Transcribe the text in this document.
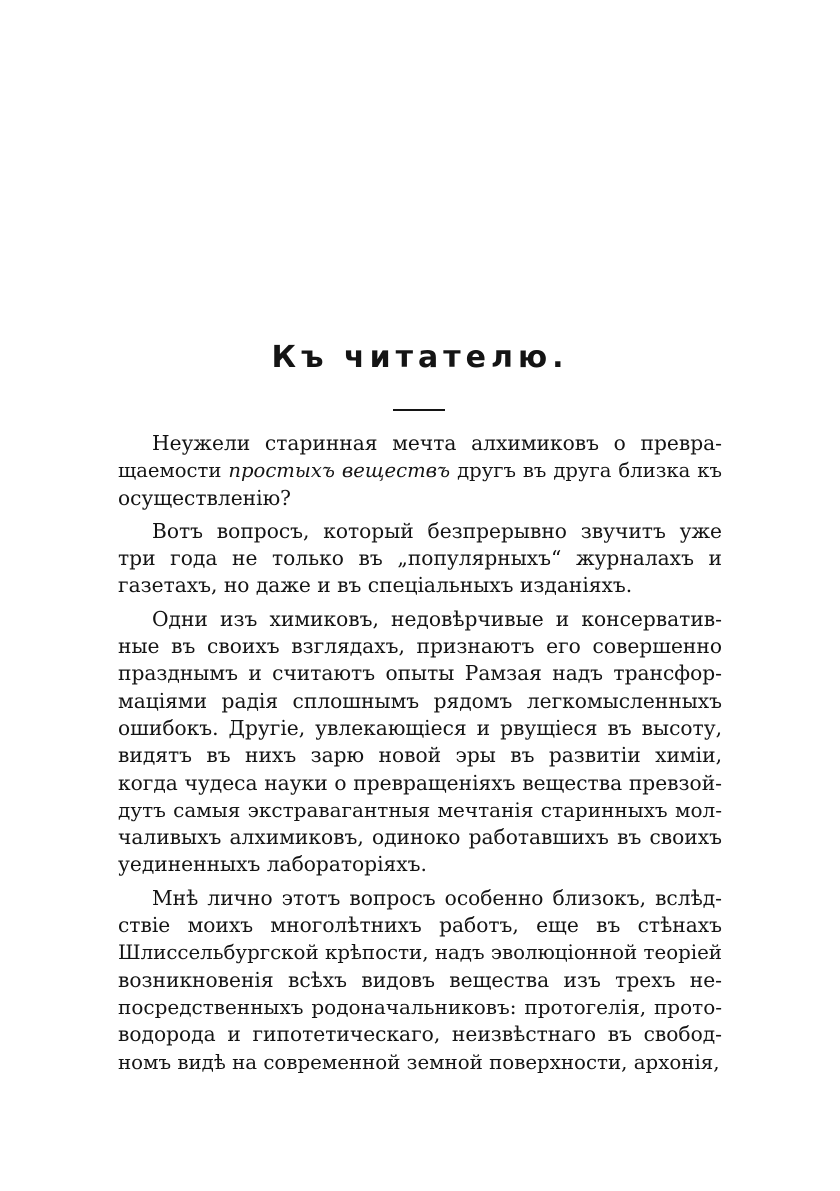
Къ читателю.
Неужели старинная мечта алхимиковъ о превра-
щаемости простыхъ веществъ другъ въ друга близка къ
осуществленію?
Вотъ вопросъ, который безпрерывно звучитъ уже
три года не только въ „популярныхъ“ журналахъ и
газетахъ, но даже и въ спеціальныхъ изданіяхъ.
Одни изъ химиковъ, недовѣрчивые и консерватив-
ные въ своихъ взглядахъ, признаютъ его совершенно
празднымъ и считаютъ опыты Рамзая надъ трансфор-
маціями радія сплошнымъ рядомъ легкомысленныхъ
ошибокъ. Другіе, увлекающіеся и рвущіеся въ высоту,
видятъ въ нихъ зарю новой эры въ развитіи химіи,
когда чудеса науки о превращеніяхъ вещества превзой-
дутъ самыя экстравагантныя мечтанія старинныхъ мол-
чаливыхъ алхимиковъ, одиноко работавшихъ въ своихъ
уединенныхъ лабораторіяхъ.
Мнѣ лично этотъ вопросъ особенно близокъ, вслѣд-
ствіе моихъ многолѣтнихъ работъ, еще въ стѣнахъ
Шлиссельбургской крѣпости, надъ эволюціонной теоріей
возникновенія всѣхъ видовъ вещества изъ трехъ не-
посредственныхъ родоначальниковъ: протогелія, прото-
водорода и гипотетическаго, неизвѣстнаго въ свобод-
номъ видѣ на современной земной поверхности, архонія,
